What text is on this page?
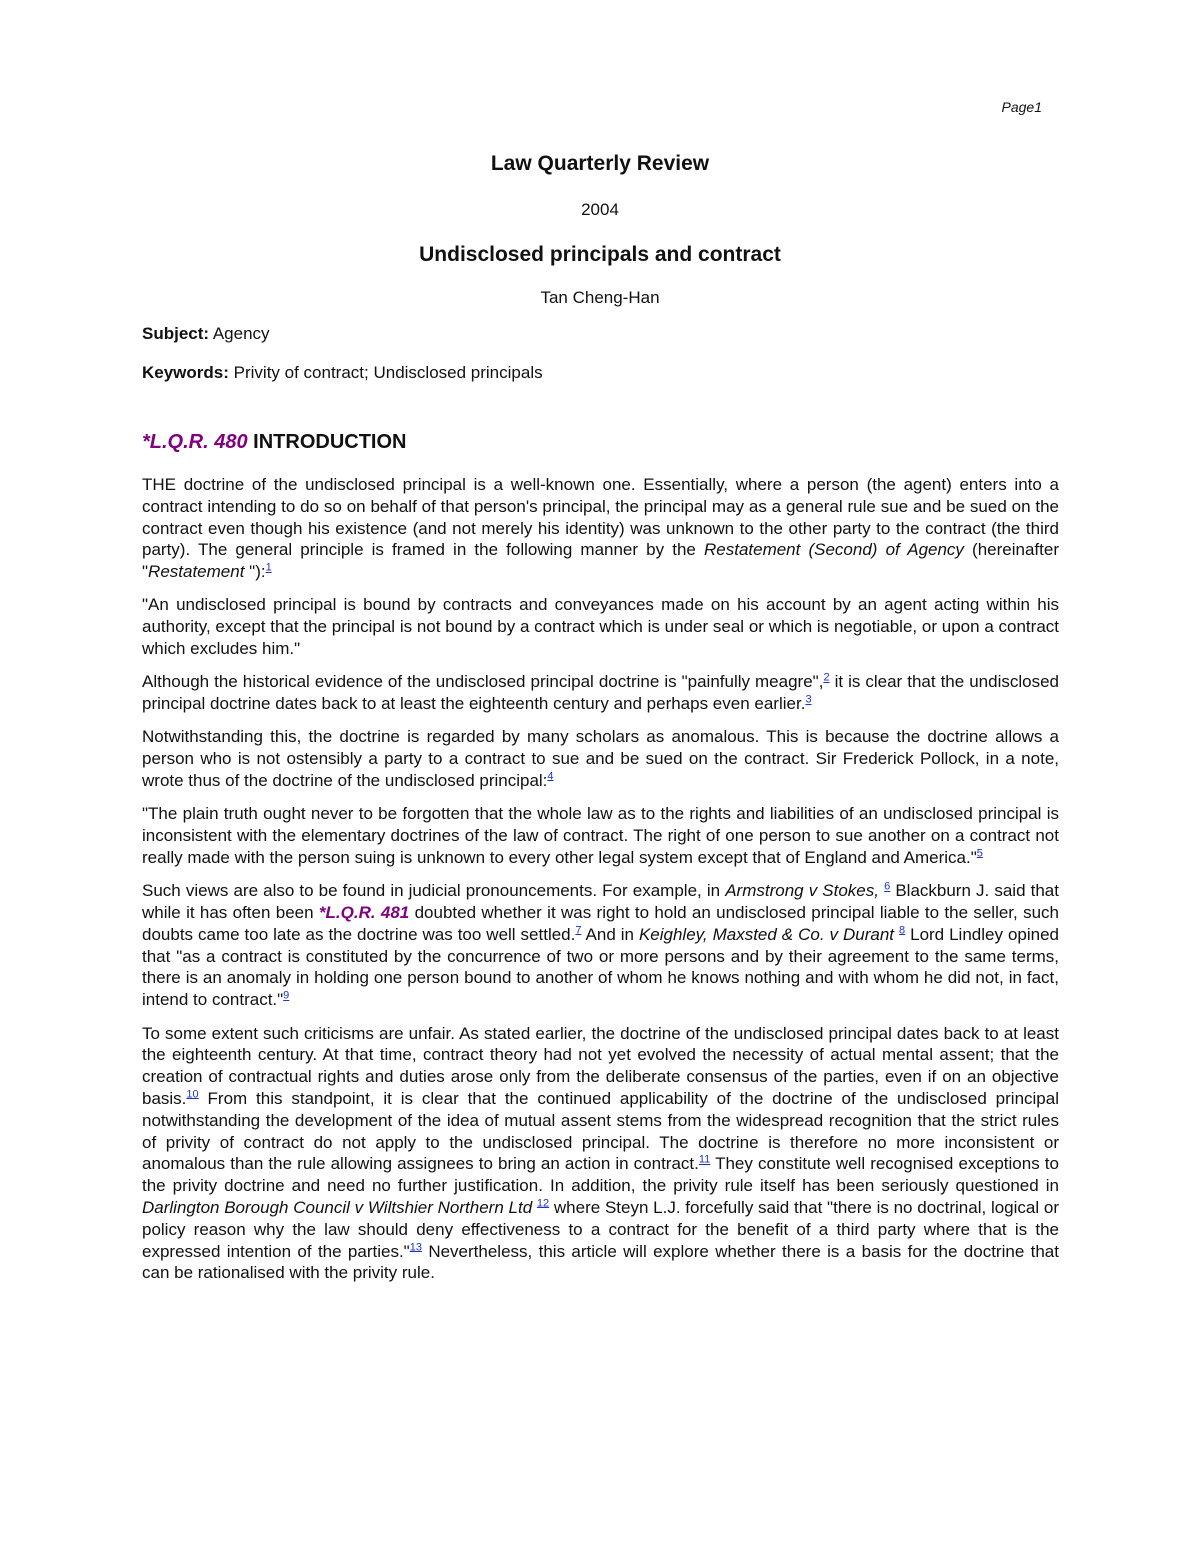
Page1
Law Quarterly Review
2004
Undisclosed principals and contract
Tan Cheng-Han
Subject: Agency
Keywords: Privity of contract; Undisclosed principals
*L.Q.R. 480 INTRODUCTION

THE doctrine of the undisclosed principal is a well-known one. Essentially, where a person (the agent) enters into a contract intending to do so on behalf of that person's principal, the principal may as a general rule sue and be sued on the contract even though his existence (and not merely his identity) was unknown to the other party to the contract (the third party). The general principle is framed in the following manner by the Restatement (Second) of Agency (hereinafter "Restatement "):$^1$

"An undisclosed principal is bound by contracts and conveyances made on his account by an agent acting within his authority, except that the principal is not bound by a contract which is under seal or which is negotiable, or upon a contract which excludes him."

Although the historical evidence of the undisclosed principal doctrine is "painfully meagre",$^2$ it is clear that the undisclosed principal doctrine dates back to at least the eighteenth century and perhaps even earlier.$^3$

Notwithstanding this, the doctrine is regarded by many scholars as anomalous. This is because the doctrine allows a person who is not ostensibly a party to a contract to sue and be sued on the contract. Sir Frederick Pollock, in a note, wrote thus of the doctrine of the undisclosed principal:$^4$

"The plain truth ought never to be forgotten that the whole law as to the rights and liabilities of an undisclosed principal is inconsistent with the elementary doctrines of the law of contract. The right of one person to sue another on a contract not really made with the person suing is unknown to every other legal system except that of England and America."$^5$

Such views are also to be found in judicial pronouncements. For example, in Armstrong v Stokes, $^6$ Blackburn J. said that while it has often been *L.Q.R. 481 doubted whether it was right to hold an undisclosed principal liable to the seller, such doubts came too late as the doctrine was too well settled.$^7$ And in Keighley, Maxsted & Co. v Durant $^8$ Lord Lindley opined that "as a contract is constituted by the concurrence of two or more persons and by their agreement to the same terms, there is an anomaly in holding one person bound to another of whom he knows nothing and with whom he did not, in fact, intend to contract."$^9$

To some extent such criticisms are unfair. As stated earlier, the doctrine of the undisclosed principal dates back to at least the eighteenth century. At that time, contract theory had not yet evolved the necessity of actual mental assent; that the creation of contractual rights and duties arose only from the deliberate consensus of the parties, even if on an objective basis.$^{10}$ From this standpoint, it is clear that the continued applicability of the doctrine of the undisclosed principal notwithstanding the development of the idea of mutual assent stems from the widespread recognition that the strict rules of privity of contract do not apply to the undisclosed principal. The doctrine is therefore no more inconsistent or anomalous than the rule allowing assignees to bring an action in contract.$^{11}$ They constitute well recognised exceptions to the privity doctrine and need no further justification. In addition, the privity rule itself has been seriously questioned in Darlington Borough Council v Wiltshier Northern Ltd $^{12}$ where Steyn L.J. forcefully said that "there is no doctrinal, logical or policy reason why the law should deny effectiveness to a contract for the benefit of a third party where that is the expressed intention of the parties."$^{13}$ Nevertheless, this article will explore whether there is a basis for the doctrine that can be rationalised with the privity rule.
